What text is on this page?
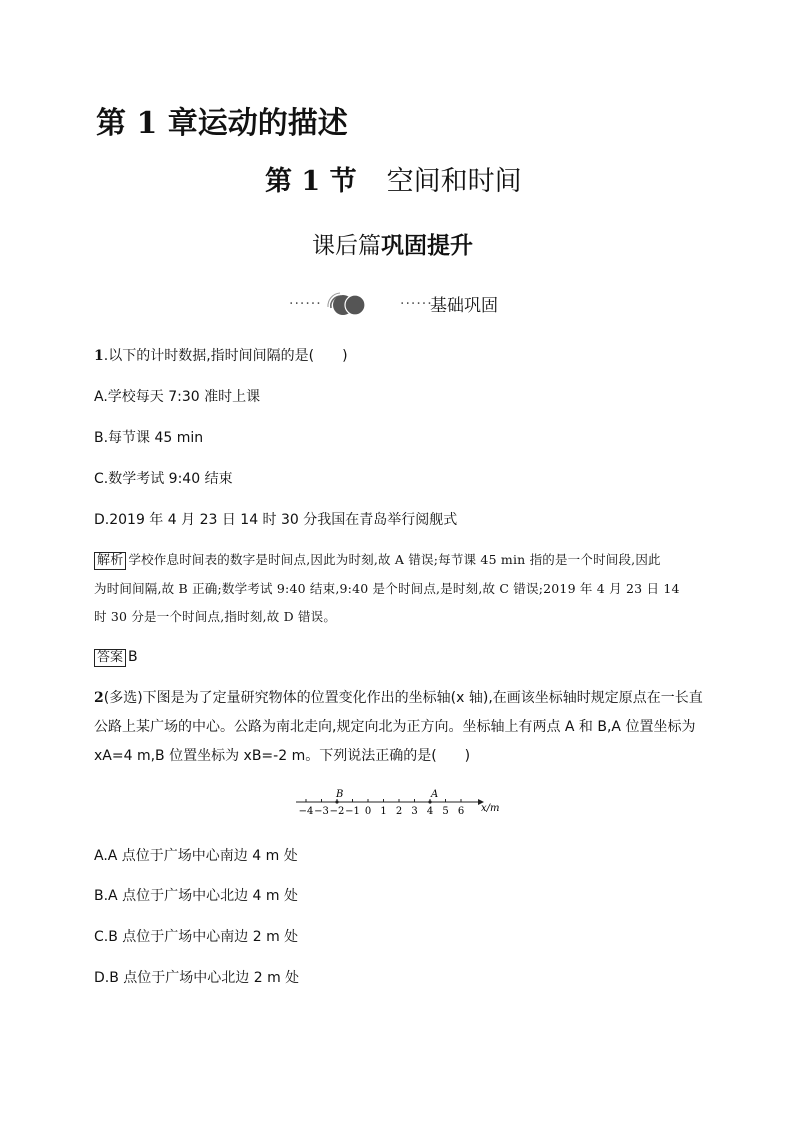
第 1 章运动的描述
第 1 节 空间和时间
课后篇巩固提升
······	······
基础巩固
1.以下的计时数据,指时间间隔的是(　　)
A.学校每天 7:30 准时上课
B.每节课 45 min
C.数学考试 9:40 结束
D.2019 年 4 月 23 日 14 时 30 分我国在青岛举行阅舰式
解析 学校作息时间表的数字是时间点,因此为时刻,故 A 错误;每节课 45 min 指的是一个时间段,因此
为时间间隔,故 B 正确;数学考试 9:40 结束,9:40 是个时间点,是时刻,故 C 错误;2019 年 4 月 23 日 14
时 30 分是一个时间点,指时刻,故 D 错误。
答案 B
2(多选)下图是为了定量研究物体的位置变化作出的坐标轴(x 轴),在画该坐标轴时规定原点在一长直
公路上某广场的中心。公路为南北走向,规定向北为正方向。坐标轴上有两点 A 和 B,A 位置坐标为
xA=4 m,B 位置坐标为 xB=-2 m。下列说法正确的是(　　)
−4 −3 −2 −1 0 1 2 3 4 5 6
B	A
x/m
A.A 点位于广场中心南边 4 m 处
B.A 点位于广场中心北边 4 m 处
C.B 点位于广场中心南边 2 m 处
D.B 点位于广场中心北边 2 m 处
